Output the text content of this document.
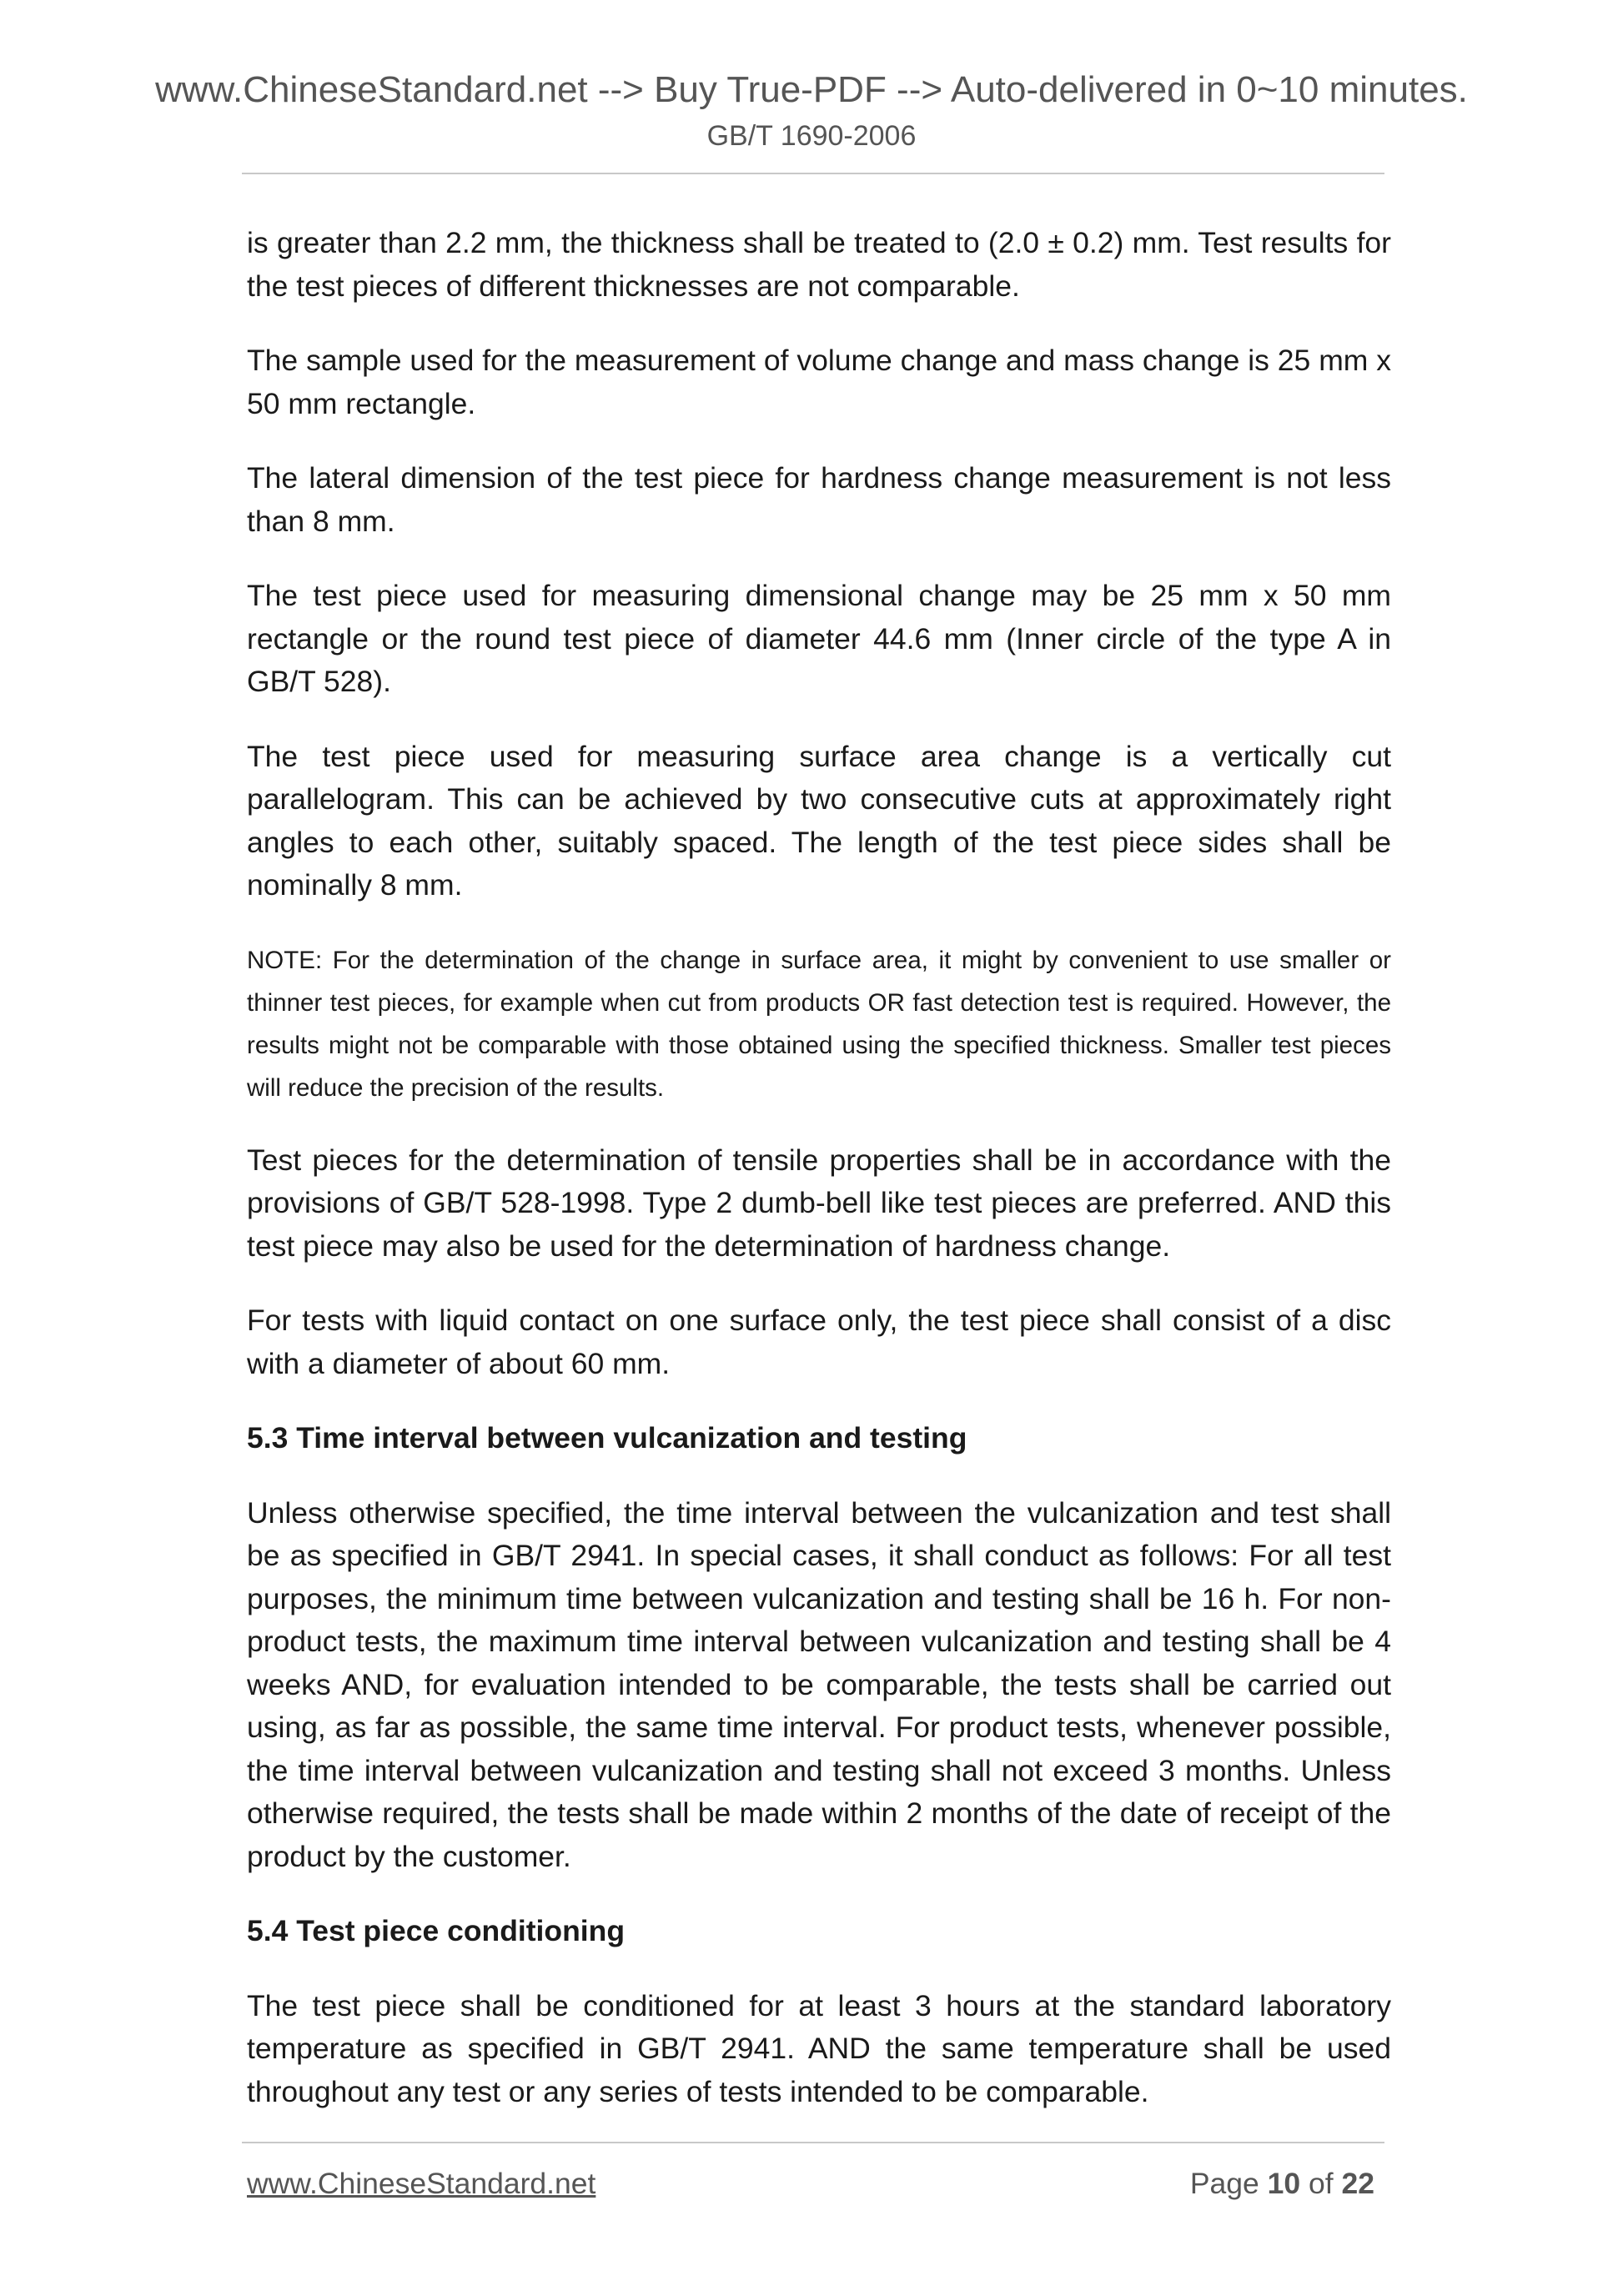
www.ChineseStandard.net --> Buy True-PDF --> Auto-delivered in 0~10 minutes.
GB/T 1690-2006

is greater than 2.2 mm, the thickness shall be treated to (2.0 ± 0.2) mm. Test results for the test pieces of different thicknesses are not comparable.

The sample used for the measurement of volume change and mass change is 25 mm x 50 mm rectangle.

The lateral dimension of the test piece for hardness change measurement is not less than 8 mm.

The test piece used for measuring dimensional change may be 25 mm x 50 mm rectangle or the round test piece of diameter 44.6 mm (Inner circle of the type A in GB/T 528).

The test piece used for measuring surface area change is a vertically cut parallelogram. This can be achieved by two consecutive cuts at approximately right angles to each other, suitably spaced. The length of the test piece sides shall be nominally 8 mm.

NOTE: For the determination of the change in surface area, it might by convenient to use smaller or thinner test pieces, for example when cut from products OR fast detection test is required. However, the results might not be comparable with those obtained using the specified thickness. Smaller test pieces will reduce the precision of the results.

Test pieces for the determination of tensile properties shall be in accordance with the provisions of GB/T 528-1998. Type 2 dumb-bell like test pieces are preferred. AND this test piece may also be used for the determination of hardness change.

For tests with liquid contact on one surface only, the test piece shall consist of a disc with a diameter of about 60 mm.

5.3 Time interval between vulcanization and testing

Unless otherwise specified, the time interval between the vulcanization and test shall be as specified in GB/T 2941. In special cases, it shall conduct as follows: For all test purposes, the minimum time between vulcanization and testing shall be 16 h. For non-product tests, the maximum time interval between vulcanization and testing shall be 4 weeks AND, for evaluation intended to be comparable, the tests shall be carried out using, as far as possible, the same time interval. For product tests, whenever possible, the time interval between vulcanization and testing shall not exceed 3 months. Unless otherwise required, the tests shall be made within 2 months of the date of receipt of the product by the customer.

5.4 Test piece conditioning

The test piece shall be conditioned for at least 3 hours at the standard laboratory temperature as specified in GB/T 2941. AND the same temperature shall be used throughout any test or any series of tests intended to be comparable.

www.ChineseStandard.net	Page 10 of 22
